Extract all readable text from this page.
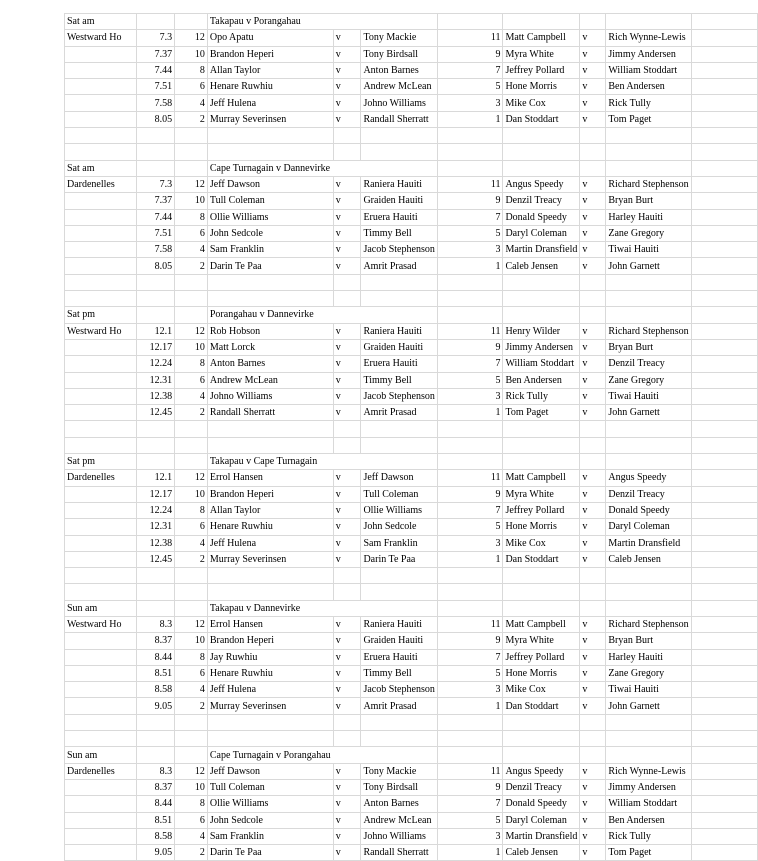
Sat am			Takapau v Porangahau							
Westward Ho	7.3	12	Opo Apatu	v	Tony Mackie	11	Matt Campbell	v	Rich Wynne-Lewis	
	7.37	10	Brandon Heperi	v	Tony Birdsall	9	Myra White	v	Jimmy Andersen	
	7.44	8	Allan Taylor	v	Anton Barnes	7	Jeffrey Pollard	v	William Stoddart	
	7.51	6	Henare Ruwhiu	v	Andrew McLean	5	Hone Morris	v	Ben Andersen	
	7.58	4	Jeff Hulena	v	Johno Williams	3	Mike Cox	v	Rick Tully	
	8.05	2	Murray Severinsen	v	Randall Sherratt	1	Dan Stoddart	v	Tom Paget	

Sat am			Cape Turnagain v Dannevirke							
Dardenelles	7.3	12	Jeff Dawson	v	Raniera Hauiti	11	Angus Speedy	v	Richard Stephenson	
	7.37	10	Tull Coleman	v	Graiden Hauiti	9	Denzil Treacy	v	Bryan Burt	
	7.44	8	Ollie Williams	v	Eruera Hauiti	7	Donald Speedy	v	Harley Hauiti	
	7.51	6	John Sedcole	v	Timmy Bell	5	Daryl Coleman	v	Zane Gregory	
	7.58	4	Sam Franklin	v	Jacob Stephenson	3	Martin Dransfield	v	Tiwai Hauiti	
	8.05	2	Darin Te Paa	v	Amrit Prasad	1	Caleb Jensen	v	John Garnett	

Sat pm			Porangahau v Dannevirke							
Westward Ho	12.1	12	Rob Hobson	v	Raniera Hauiti	11	Henry Wilder	v	Richard Stephenson	
	12.17	10	Matt Lorck	v	Graiden Hauiti	9	Jimmy Andersen	v	Bryan Burt	
	12.24	8	Anton Barnes	v	Eruera Hauiti	7	William Stoddart	v	Denzil Treacy	
	12.31	6	Andrew McLean	v	Timmy Bell	5	Ben Andersen	v	Zane Gregory	
	12.38	4	Johno Williams	v	Jacob Stephenson	3	Rick Tully	v	Tiwai Hauiti	
	12.45	2	Randall Sherratt	v	Amrit Prasad	1	Tom Paget	v	John Garnett	

Sat pm			Takapau v Cape Turnagain							
Dardenelles	12.1	12	Errol Hansen	v	Jeff Dawson	11	Matt Campbell	v	Angus Speedy	
	12.17	10	Brandon Heperi	v	Tull Coleman	9	Myra White	v	Denzil Treacy	
	12.24	8	Allan Taylor	v	Ollie Williams	7	Jeffrey Pollard	v	Donald Speedy	
	12.31	6	Henare Ruwhiu	v	John Sedcole	5	Hone Morris	v	Daryl Coleman	
	12.38	4	Jeff Hulena	v	Sam Franklin	3	Mike Cox	v	Martin Dransfield	
	12.45	2	Murray Severinsen	v	Darin Te Paa	1	Dan Stoddart	v	Caleb Jensen	

Sun am			Takapau v Dannevirke							
Westward Ho	8.3	12	Errol Hansen	v	Raniera Hauiti	11	Matt Campbell	v	Richard Stephenson	
	8.37	10	Brandon Heperi	v	Graiden Hauiti	9	Myra White	v	Bryan Burt	
	8.44	8	Jay Ruwhiu	v	Eruera Hauiti	7	Jeffrey Pollard	v	Harley Hauiti	
	8.51	6	Henare Ruwhiu	v	Timmy Bell	5	Hone Morris	v	Zane Gregory	
	8.58	4	Jeff Hulena	v	Jacob Stephenson	3	Mike Cox	v	Tiwai Hauiti	
	9.05	2	Murray Severinsen	v	Amrit Prasad	1	Dan Stoddart	v	John Garnett	

Sun am			Cape Turnagain v Porangahau							
Dardenelles	8.3	12	Jeff Dawson	v	Tony Mackie	11	Angus Speedy	v	Rich Wynne-Lewis	
	8.37	10	Tull Coleman	v	Tony Birdsall	9	Denzil Treacy	v	Jimmy Andersen	
	8.44	8	Ollie Williams	v	Anton Barnes	7	Donald Speedy	v	William Stoddart	
	8.51	6	John Sedcole	v	Andrew McLean	5	Daryl Coleman	v	Ben Andersen	
	8.58	4	Sam Franklin	v	Johno Williams	3	Martin Dransfield	v	Rick Tully	
	9.05	2	Darin Te Paa	v	Randall Sherratt	1	Caleb Jensen	v	Tom Paget	
